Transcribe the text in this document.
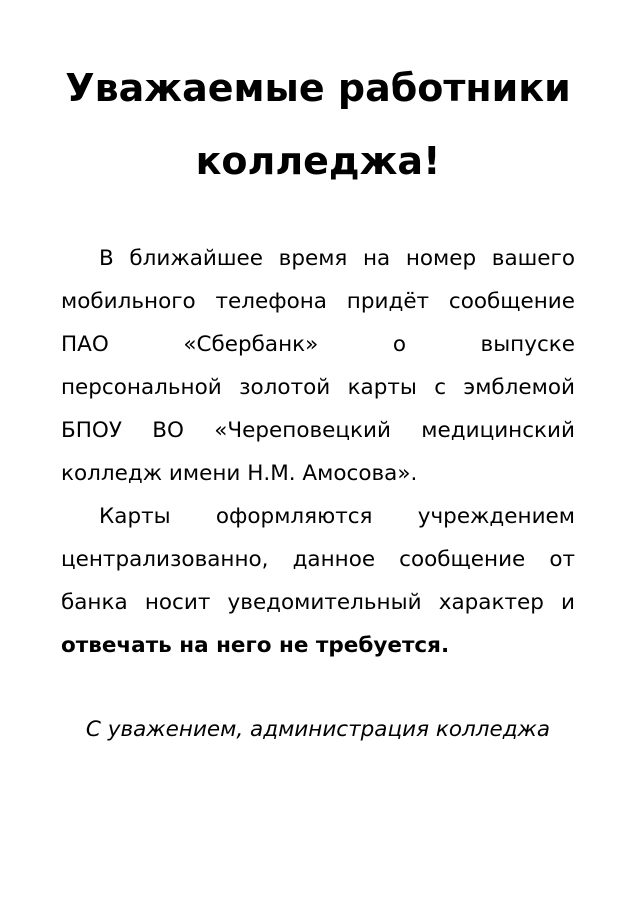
Уважаемые работники
колледжа!

В ближайшее время на номер вашего

мобильного телефона придёт сообщение

ПАО «Сбербанк» о выпуске

персональной золотой карты с эмблемой

БПОУ ВО «Череповецкий медицинский

колледж имени Н.М. Амосова».

Карты оформляются учреждением

централизованно, данное сообщение от

банка носит уведомительный характер и

отвечать на него не требуется.

С уважением, администрация колледжа
